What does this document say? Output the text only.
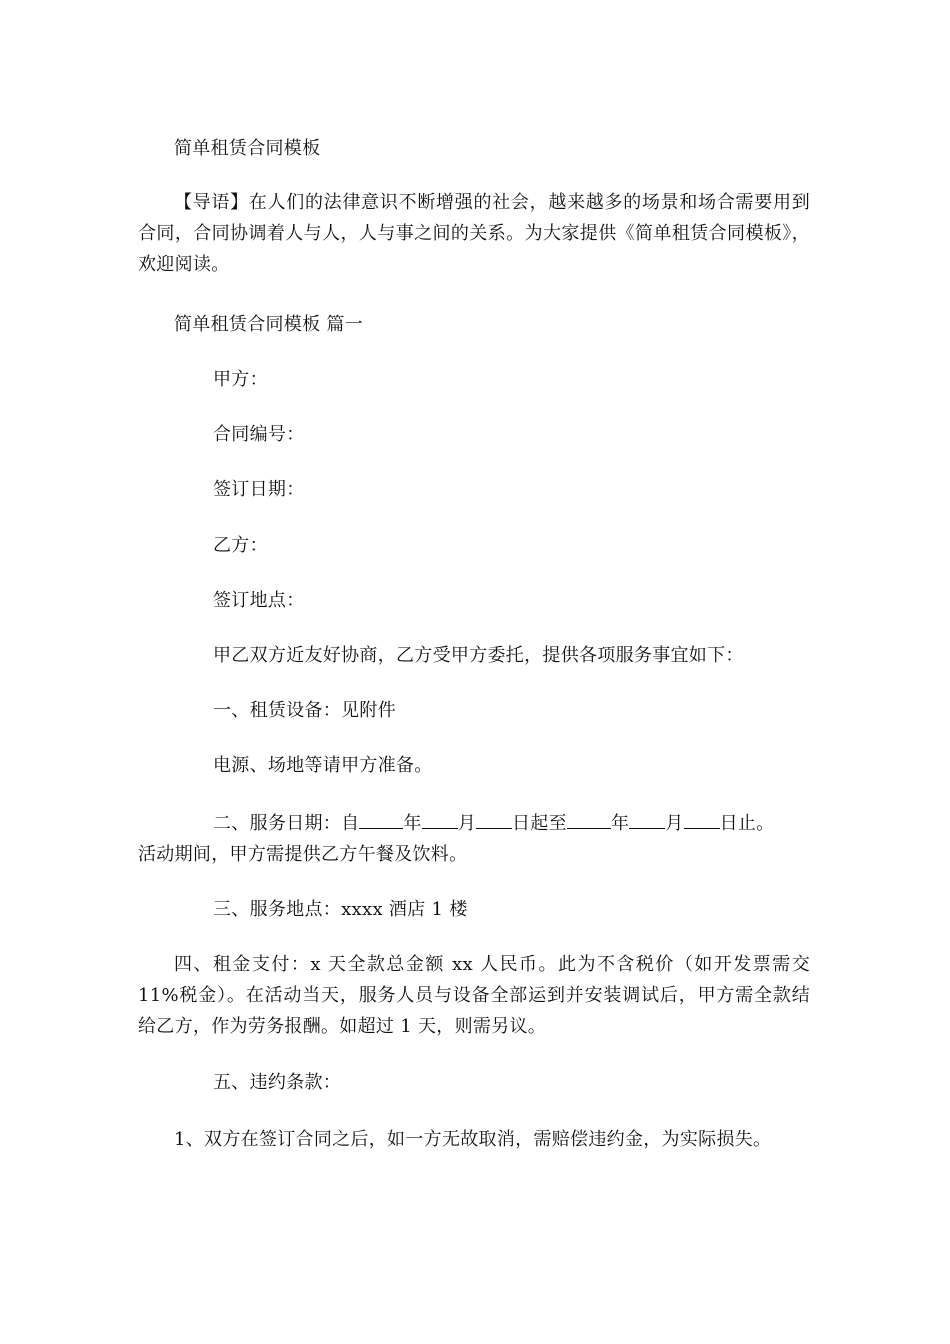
简单租赁合同模板
【导语】在人们的法律意识不断增强的社会，越来越多的场景和场合需要用到合同，合同协调着人与人，人与事之间的关系。为大家提供《简单租赁合同模板》，欢迎阅读。
简单租赁合同模板 篇一
甲方：
合同编号：
签订日期：
乙方：
签订地点：
甲乙双方近友好协商，乙方受甲方委托，提供各项服务事宜如下：
一、租赁设备：见附件
电源、场地等请甲方准备。
二、服务日期：自 年 月 日起至 年 月 日止。
活动期间，甲方需提供乙方午餐及饮料。
三、服务地点：xxxx 酒店 1 楼
四、租金支付：x 天全款总金额 xx 人民币。此为不含税价（如开发票需交 11%税金）。在活动当天，服务人员与设备全部运到并安装调试后，甲方需全款结给乙方，作为劳务报酬。如超过 1 天，则需另议。
五、违约条款：
1、双方在签订合同之后，如一方无故取消，需赔偿违约金，为实际损失。
